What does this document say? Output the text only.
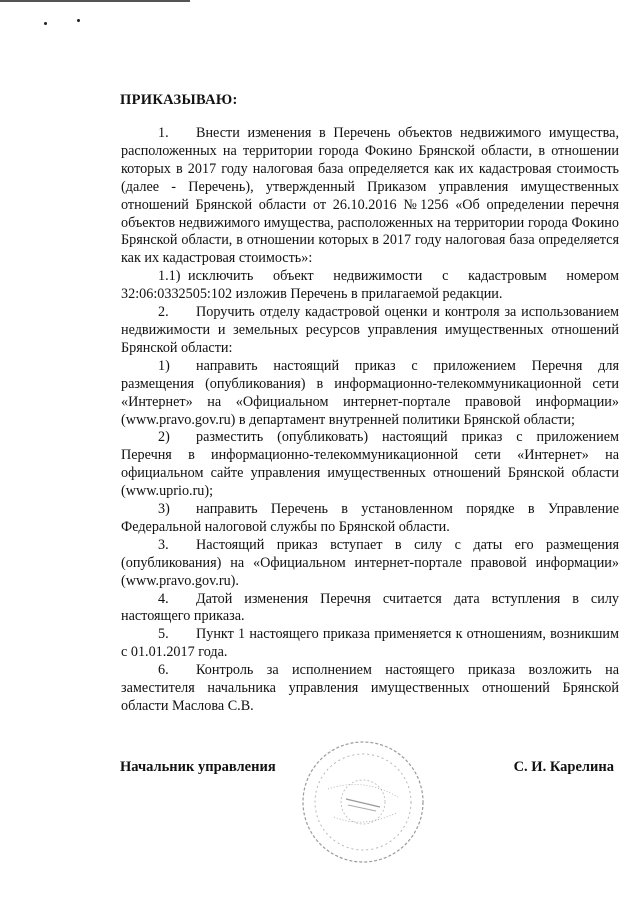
ПРИКАЗЫВАЮ:

1. Внести изменения в Перечень объектов недвижимого имущества, расположенных на территории города Фокино Брянской области, в отношении которых в 2017 году налоговая база определяется как их кадастровая стоимость (далее - Перечень), утвержденный Приказом управления имущественных отношений Брянской области от 26.10.2016 №1256 «Об определении перечня объектов недвижимого имущества, расположенных на территории города Фокино Брянской области, в отношении которых в 2017 году налоговая база определяется как их кадастровая стоимость»:

1.1) исключить объект недвижимости с кадастровым номером 32:06:0332505:102 изложив Перечень в прилагаемой редакции.

2. Поручить отделу кадастровой оценки и контроля за использованием недвижимости и земельных ресурсов управления имущественных отношений Брянской области:

1) направить настоящий приказ с приложением Перечня для размещения (опубликования) в информационно-телекоммуникационной сети «Интернет» на «Официальном интернет-портале правовой информации» (www.pravo.gov.ru) в департамент внутренней политики Брянской области;

2) разместить (опубликовать) настоящий приказ с приложением Перечня в информационно-телекоммуникационной сети «Интернет» на официальном сайте управления имущественных отношений Брянской области (www.uprio.ru);

3) направить Перечень в установленном порядке в Управление Федеральной налоговой службы по Брянской области.

3. Настоящий приказ вступает в силу с даты его размещения (опубликования) на «Официальном интернет-портале правовой информации» (www.pravo.gov.ru).

4. Датой изменения Перечня считается дата вступления в силу настоящего приказа.

5. Пункт 1 настоящего приказа применяется к отношениям, возникшим с 01.01.2017 года.

6. Контроль за исполнением настоящего приказа возложить на заместителя начальника управления имущественных отношений Брянской области Маслова С.В.

Начальник управления	С. И. Карелина
